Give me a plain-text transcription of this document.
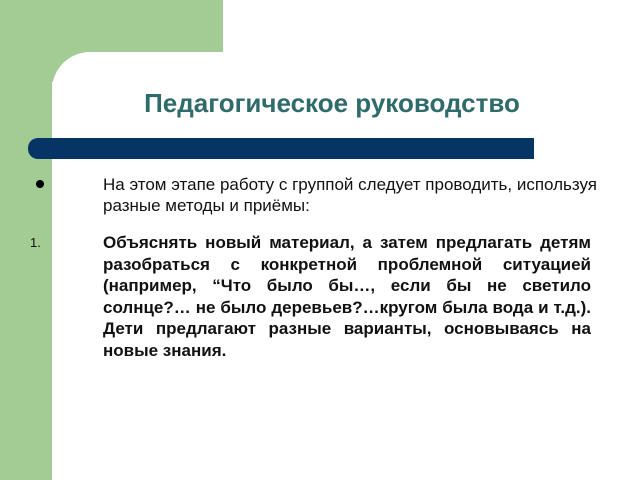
Педагогическое руководство
На этом этапе работу с группой следует проводить, используя разные методы и приёмы:
1.	Объяснять новый материал, а затем предлагать детям разобраться с конкретной проблемной ситуацией (например, “Что было бы…, если бы не светило солнце?… не было деревьев?…кругом была вода и т.д.). Дети предлагают разные варианты, основываясь на новые знания.
